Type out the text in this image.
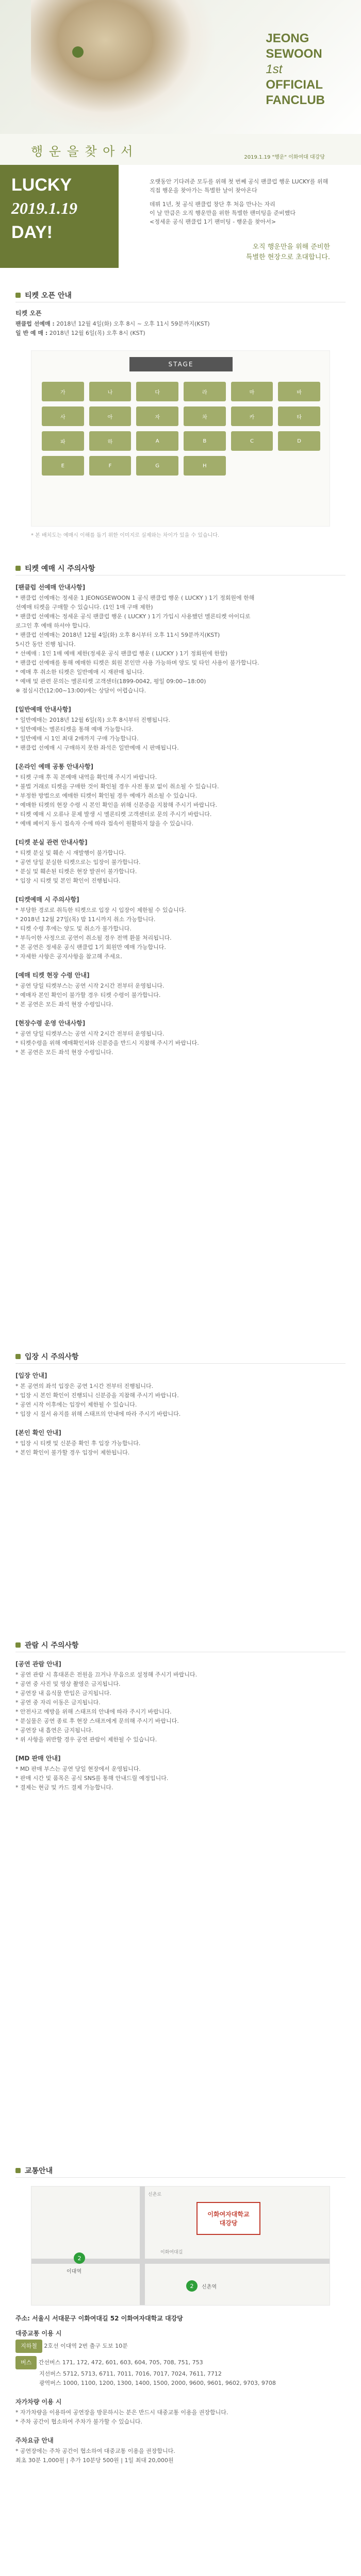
JEONG
SEWOON
1st
OFFICIAL
FANCLUB
행 운 을 찾 아 서	2019.1.19 "행운" 이화여대 대강당
LUCKY
2019.1.19
DAY!
오랫동안 기다려준 모두를 위해 첫 번째 공식 팬클럽 행운 LUCKY를 위해
직접 행운을 찾아가는 특별한 날이 찾아온다
데뷔 1년, 첫 공식 팬클럽 창단 후 처음 만나는 자리
이 날 만큼은 오직 행운만을 위한 특별한 팬미팅을 준비했다
<정세운 공식 팬클럽 1기 팬미팅 - 행운을 찾아서>
오직 행운만을 위해 준비한
특별한 현장으로 초대합니다.
티켓 오픈 안내
티켓 오픈
팬클럽 선예매 : 2018년 12월 4일(화) 오후 8시 ~ 오후 11시 59분까지(KST)
일 반 예 매 : 2018년 12월 6일(목) 오후 8시 (KST)
STAGE
가	나	다	라	마	바
사	아	자	차	카	타
파	하	A	B	C	D
E	F	G	H
* 본 배치도는 예매시 이해를 돕기 위한 이미지로 실제와는 차이가 있을 수 있습니다.
티켓 예매 시 주의사항
[팬클럽 선예매 안내사항]
* 팬클럽 선예매는 정세운 1 JEONGSEWOON 1 공식 팬클럽 행운 ( LUCKY ) 1기 정회원에 한해
선예매 티켓을 구매할 수 있습니다. (1인 1매 구매 제한)
* 팬클럽 선예매는 정세운 공식 팬클럽 행운 ( LUCKY ) 1기 가입시 사용했던 멜론티켓 아이디로
로그인 후 예매 하셔야 합니다.
* 팬클럽 선예매는 2018년 12월 4일(화) 오후 8시부터 오후 11시 59분까지(KST)
5시간 동안 진행 됩니다.
* 선예매 : 1인 1매 예매 제한(정세운 공식 팬클럽 행운 ( LUCKY ) 1기 정회원에 한함)
* 팬클럽 선예매를 통해 예매한 티켓은 회원 본인만 사용 가능하며 양도 및 타인 사용이 불가합니다.
* 예매 후 취소한 티켓은 일반예매 시 재판매 됩니다.
* 예매 및 관련 문의는 멜론티켓 고객센터(1899-0042, 평일 09:00~18:00)
※ 점심시간(12:00~13:00)에는 상담이 어렵습니다.
[일반예매 안내사항]
* 일반예매는 2018년 12월 6일(목) 오후 8시부터 진행됩니다.
* 일반예매는 멜론티켓을 통해 예매 가능합니다.
* 일반예매 시 1인 최대 2매까지 구매 가능합니다.
* 팬클럽 선예매 시 구매하지 못한 좌석은 일반예매 시 판매됩니다.
[온라인 예매 공통 안내사항]
* 티켓 구매 후 꼭 본예매 내역을 확인해 주시기 바랍니다.
* 불법 거래로 티켓을 구매한 것이 확인될 경우 사전 통보 없이 취소될 수 있습니다.
* 부정한 방법으로 예매한 티켓이 확인될 경우 예매가 취소될 수 있습니다.
* 예매한 티켓의 현장 수령 시 본인 확인을 위해 신분증을 지참해 주시기 바랍니다.
* 티켓 예매 시 오류나 문제 발생 시 멜론티켓 고객센터로 문의 주시기 바랍니다.
* 예매 페이지 동시 접속자 수에 따라 접속이 원활하지 않을 수 있습니다.
[티켓 분실 관련 안내사항]
* 티켓 분실 및 훼손 시 재발행이 불가합니다.
* 공연 당일 분실한 티켓으로는 입장이 불가합니다.
* 분실 및 훼손된 티켓은 현장 발권이 불가합니다.
* 입장 시 티켓 및 본인 확인이 진행됩니다.
[티켓예매 시 주의사항]
* 부당한 경로로 취득한 티켓으로 입장 시 입장이 제한될 수 있습니다.
* 2018년 12월 27일(목) 밤 11시까지 취소 가능합니다.
* 티켓 수령 후에는 양도 및 취소가 불가합니다.
* 부득이한 사정으로 공연이 취소될 경우 전액 환불 처리됩니다.
* 본 공연은 정세운 공식 팬클럽 1기 회원만 예매 가능합니다.
* 자세한 사항은 공지사항을 참고해 주세요.
[예매 티켓 현장 수령 안내]
* 공연 당일 티켓부스는 공연 시작 2시간 전부터 운영됩니다.
* 예매자 본인 확인이 불가할 경우 티켓 수령이 불가합니다.
* 본 공연은 모든 좌석 현장 수령입니다.
[현장수령 운영 안내사항]
* 공연 당일 티켓부스는 공연 시작 2시간 전부터 운영됩니다.
* 티켓수령을 위해 예매확인서와 신분증을 반드시 지참해 주시기 바랍니다.
* 본 공연은 모든 좌석 현장 수령입니다.
입장 시 주의사항
[입장 안내]
* 본 공연의 좌석 입장은 공연 1시간 전부터 진행됩니다.
* 입장 시 본인 확인이 진행되니 신분증을 지참해 주시기 바랍니다.
* 공연 시작 이후에는 입장이 제한될 수 있습니다.
* 입장 시 질서 유지를 위해 스태프의 안내에 따라 주시기 바랍니다.
[본인 확인 안내]
* 입장 시 티켓 및 신분증 확인 후 입장 가능합니다.
* 본인 확인이 불가할 경우 입장이 제한됩니다.
관람 시 주의사항
[공연 관람 안내]
* 공연 관람 시 휴대폰은 전원을 끄거나 무음으로 설정해 주시기 바랍니다.
* 공연 중 사진 및 영상 촬영은 금지됩니다.
* 공연장 내 음식물 반입은 금지됩니다.
* 공연 중 자리 이동은 금지됩니다.
* 안전사고 예방을 위해 스태프의 안내에 따라 주시기 바랍니다.
* 분실물은 공연 종료 후 현장 스태프에게 문의해 주시기 바랍니다.
* 공연장 내 흡연은 금지됩니다.
* 위 사항을 위반할 경우 공연 관람이 제한될 수 있습니다.
[MD 판매 안내]
* MD 판매 부스는 공연 당일 현장에서 운영됩니다.
* 판매 시간 및 품목은 공식 SNS를 통해 안내드릴 예정입니다.
* 결제는 현금 및 카드 결제 가능합니다.
교통안내
신촌로
이화여대길
이화여자대학교
대강당
2
이대역
2	신촌역
주소: 서울시 서대문구 이화여대길 52 이화여자대학교 대강당
대중교통 이용 시
지하철 2호선 이대역 2번 출구 도보 10분
버스 간선버스 171, 172, 472, 601, 603, 604, 705, 708, 751, 753
지선버스 5712, 5713, 6711, 7011, 7016, 7017, 7024, 7611, 7712
광역버스 1000, 1100, 1200, 1300, 1400, 1500, 2000, 9600, 9601, 9602, 9703, 9708
자가차량 이용 시
* 자가차량을 이용하여 공연장을 방문하시는 분은 반드시 대중교통 이용을 권장합니다.
* 주차 공간이 협소하여 주차가 불가할 수 있습니다.
주차요금 안내
* 공연장에는 주차 공간이 협소하여 대중교통 이용을 권장합니다.
최초 30분 1,000원 | 추가 10분당 500원 | 1일 최대 20,000원
